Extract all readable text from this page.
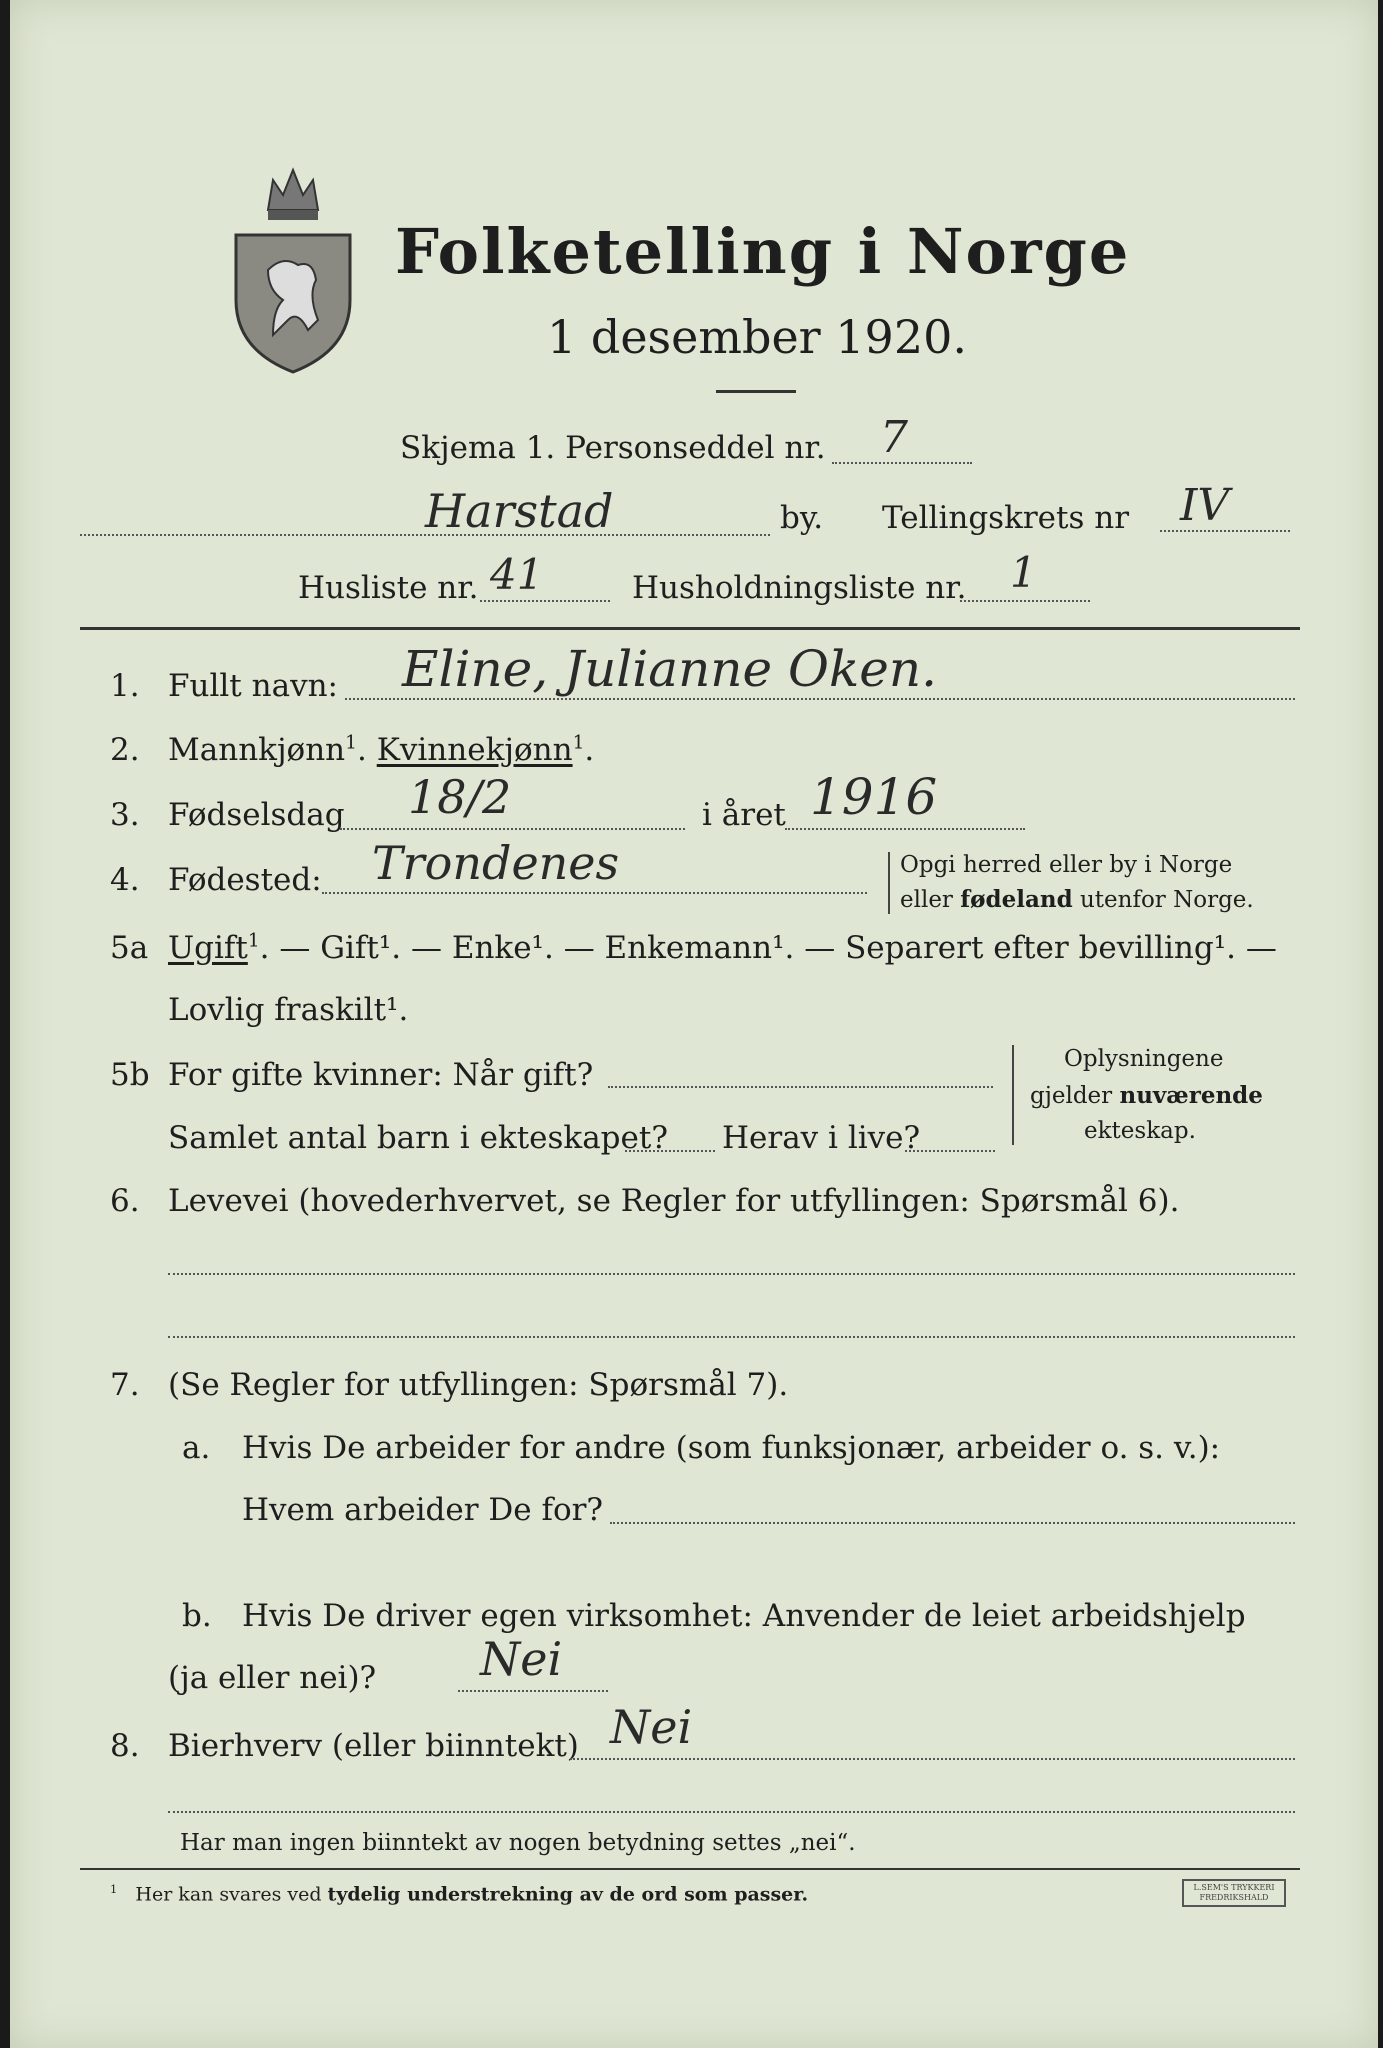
Folketelling i Norge
1 desember 1920.
Skjema 1. Personseddel nr. 7
Harstad	by. Tellingskrets nr IV
Husliste nr. 41	Husholdningsliste nr. 1
1. Fullt navn: Eline, Julianne Oken.
2. Mannkjønn$^1$. Kvinnekjønn$^1$.
3. Fødselsdag 18/2	i året 1916
4. Fødested: Trondenes	Opgi herred eller by i Norge
eller fødeland utenfor Norge.
5a Ugift$^1$. — Gift¹. — Enke¹. — Enkemann¹. — Separert efter bevilling¹. —
Lovlig fraskilt¹.
5b For gifte kvinner: Når gift?
Samlet antal barn i ekteskapet? Herav i live?
Oplysningene
gjelder nuværende
ekteskap.
6. Levevei (hovederhvervet, se Regler for utfyllingen: Spørsmål 6).
7. (Se Regler for utfyllingen: Spørsmål 7).
a. Hvis De arbeider for andre (som funksjonær, arbeider o. s. v.):
Hvem arbeider De for?
b. Hvis De driver egen virksomhet: Anvender de leiet arbeidshjelp
(ja eller nei)? Nei
8. Bierhverv (eller biinntekt) Nei
Har man ingen biinntekt av nogen betydning settes „nei“.
$^1$ Her kan svares ved tydelig understrekning av de ord som passer.	L.SEM'S TRYKKERI FREDRIKSHALD
